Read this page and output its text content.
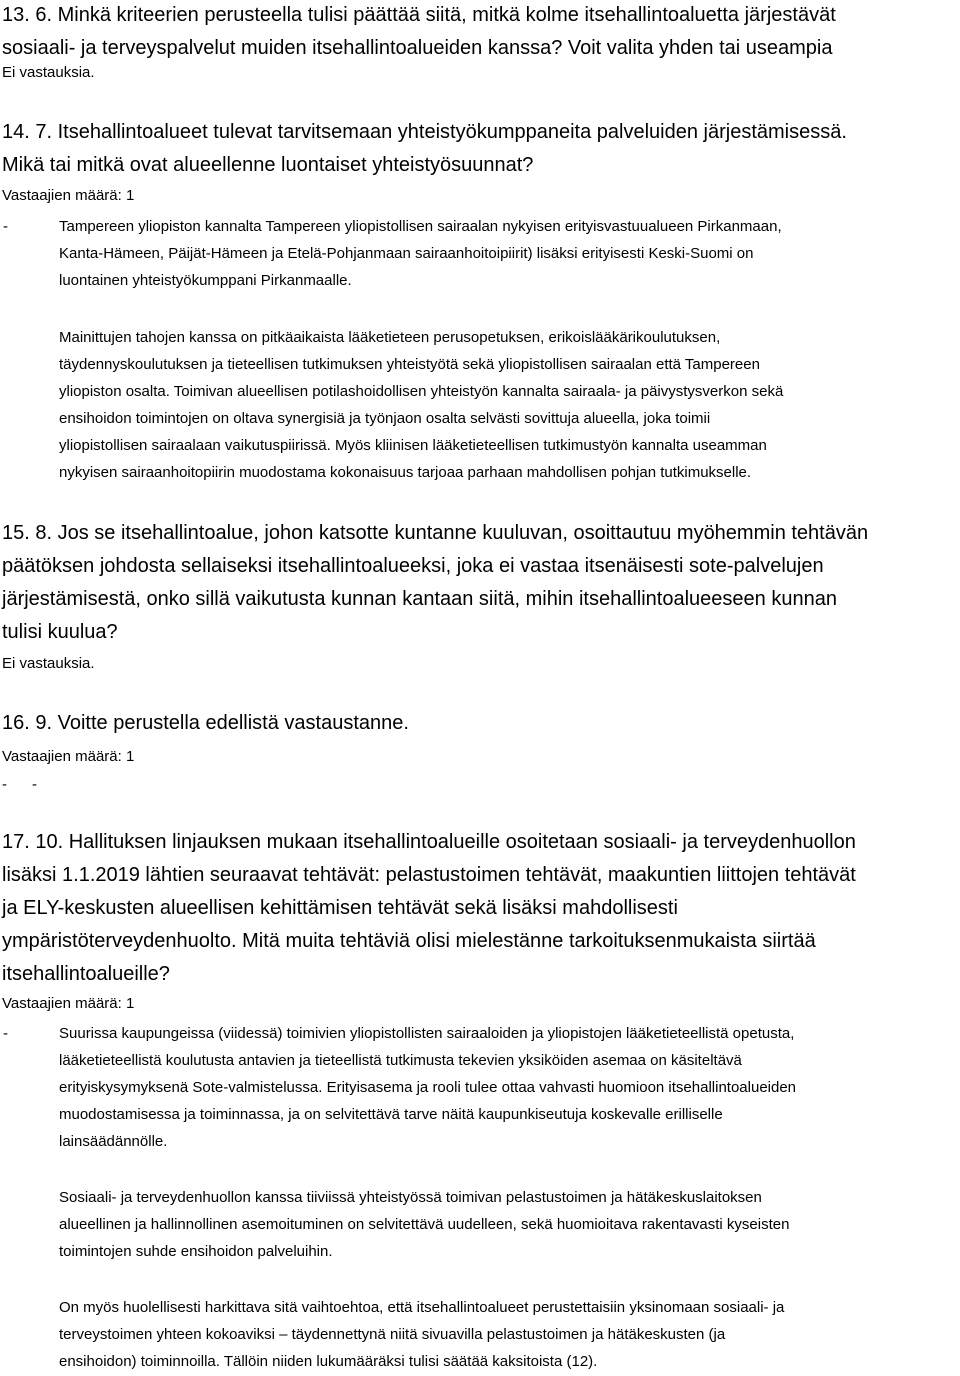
13. 6. Minkä kriteerien perusteella tulisi päättää siitä, mitkä kolme itsehallintoaluetta järjestävät
sosiaali- ja terveyspalvelut muiden itsehallintoalueiden kanssa? Voit valita yhden tai useampia
Ei vastauksia.
14. 7. Itsehallintoalueet tulevat tarvitsemaan yhteistyökumppaneita palveluiden järjestämisessä.
Mikä tai mitkä ovat alueellenne luontaiset yhteistyösuunnat?
Vastaajien määrä: 1
-	Tampereen yliopiston kannalta Tampereen yliopistollisen sairaalan nykyisen erityisvastuualueen Pirkanmaan,
Kanta-Hämeen, Päijät-Hämeen ja Etelä-Pohjanmaan sairaanhoitoipiirit) lisäksi erityisesti Keski-Suomi on
luontainen yhteistyökumppani Pirkanmaalle.
Mainittujen tahojen kanssa on pitkäaikaista lääketieteen perusopetuksen, erikoislääkärikoulutuksen,
täydennyskoulutuksen ja tieteellisen tutkimuksen yhteistyötä sekä yliopistollisen sairaalan että Tampereen
yliopiston osalta. Toimivan alueellisen potilashoidollisen yhteistyön kannalta sairaala- ja päivystysverkon sekä
ensihoidon toimintojen on oltava synergisiä ja työnjaon osalta selvästi sovittuja alueella, joka toimii
yliopistollisen sairaalaan vaikutuspiirissä. Myös kliinisen lääketieteellisen tutkimustyön kannalta useamman
nykyisen sairaanhoitopiirin muodostama kokonaisuus tarjoaa parhaan mahdollisen pohjan tutkimukselle.
15. 8. Jos se itsehallintoalue, johon katsotte kuntanne kuuluvan, osoittautuu myöhemmin tehtävän
päätöksen johdosta sellaiseksi itsehallintoalueeksi, joka ei vastaa itsenäisesti sote-palvelujen
järjestämisestä, onko sillä vaikutusta kunnan kantaan siitä, mihin itsehallintoalueeseen kunnan
tulisi kuulua?
Ei vastauksia.
16. 9. Voitte perustella edellistä vastaustanne.
Vastaajien määrä: 1
-      -
17. 10. Hallituksen linjauksen mukaan itsehallintoalueille osoitetaan sosiaali- ja terveydenhuollon
lisäksi 1.1.2019 lähtien seuraavat tehtävät: pelastustoimen tehtävät, maakuntien liittojen tehtävät
ja ELY-keskusten alueellisen kehittämisen tehtävät sekä lisäksi mahdollisesti
ympäristöterveydenhuolto. Mitä muita tehtäviä olisi mielestänne tarkoituksenmukaista siirtää
itsehallintoalueille?
Vastaajien määrä: 1
-	Suurissa kaupungeissa (viidessä) toimivien yliopistollisten sairaaloiden ja yliopistojen lääketieteellistä opetusta,
lääketieteellistä koulutusta antavien ja tieteellistä tutkimusta tekevien yksiköiden asemaa on käsiteltävä
erityiskysymyksenä Sote-valmistelussa. Erityisasema ja rooli tulee ottaa vahvasti huomioon itsehallintoalueiden
muodostamisessa ja toiminnassa, ja on selvitettävä tarve näitä kaupunkiseutuja koskevalle erilliselle
lainsäädännölle.
Sosiaali- ja terveydenhuollon kanssa tiiviissä yhteistyössä toimivan pelastustoimen ja hätäkeskuslaitoksen
alueellinen ja hallinnollinen asemoituminen on selvitettävä uudelleen, sekä huomioitava rakentavasti kyseisten
toimintojen suhde ensihoidon palveluihin.
On myös huolellisesti harkittava sitä vaihtoehtoa, että itsehallintoalueet perustettaisiin yksinomaan sosiaali- ja
terveystoimen yhteen kokoaviksi – täydennettynä niitä sivuavilla pelastustoimen ja hätäkeskusten (ja
ensihoidon) toiminnoilla. Tällöin niiden lukumääräksi tulisi säätää kaksitoista (12).
